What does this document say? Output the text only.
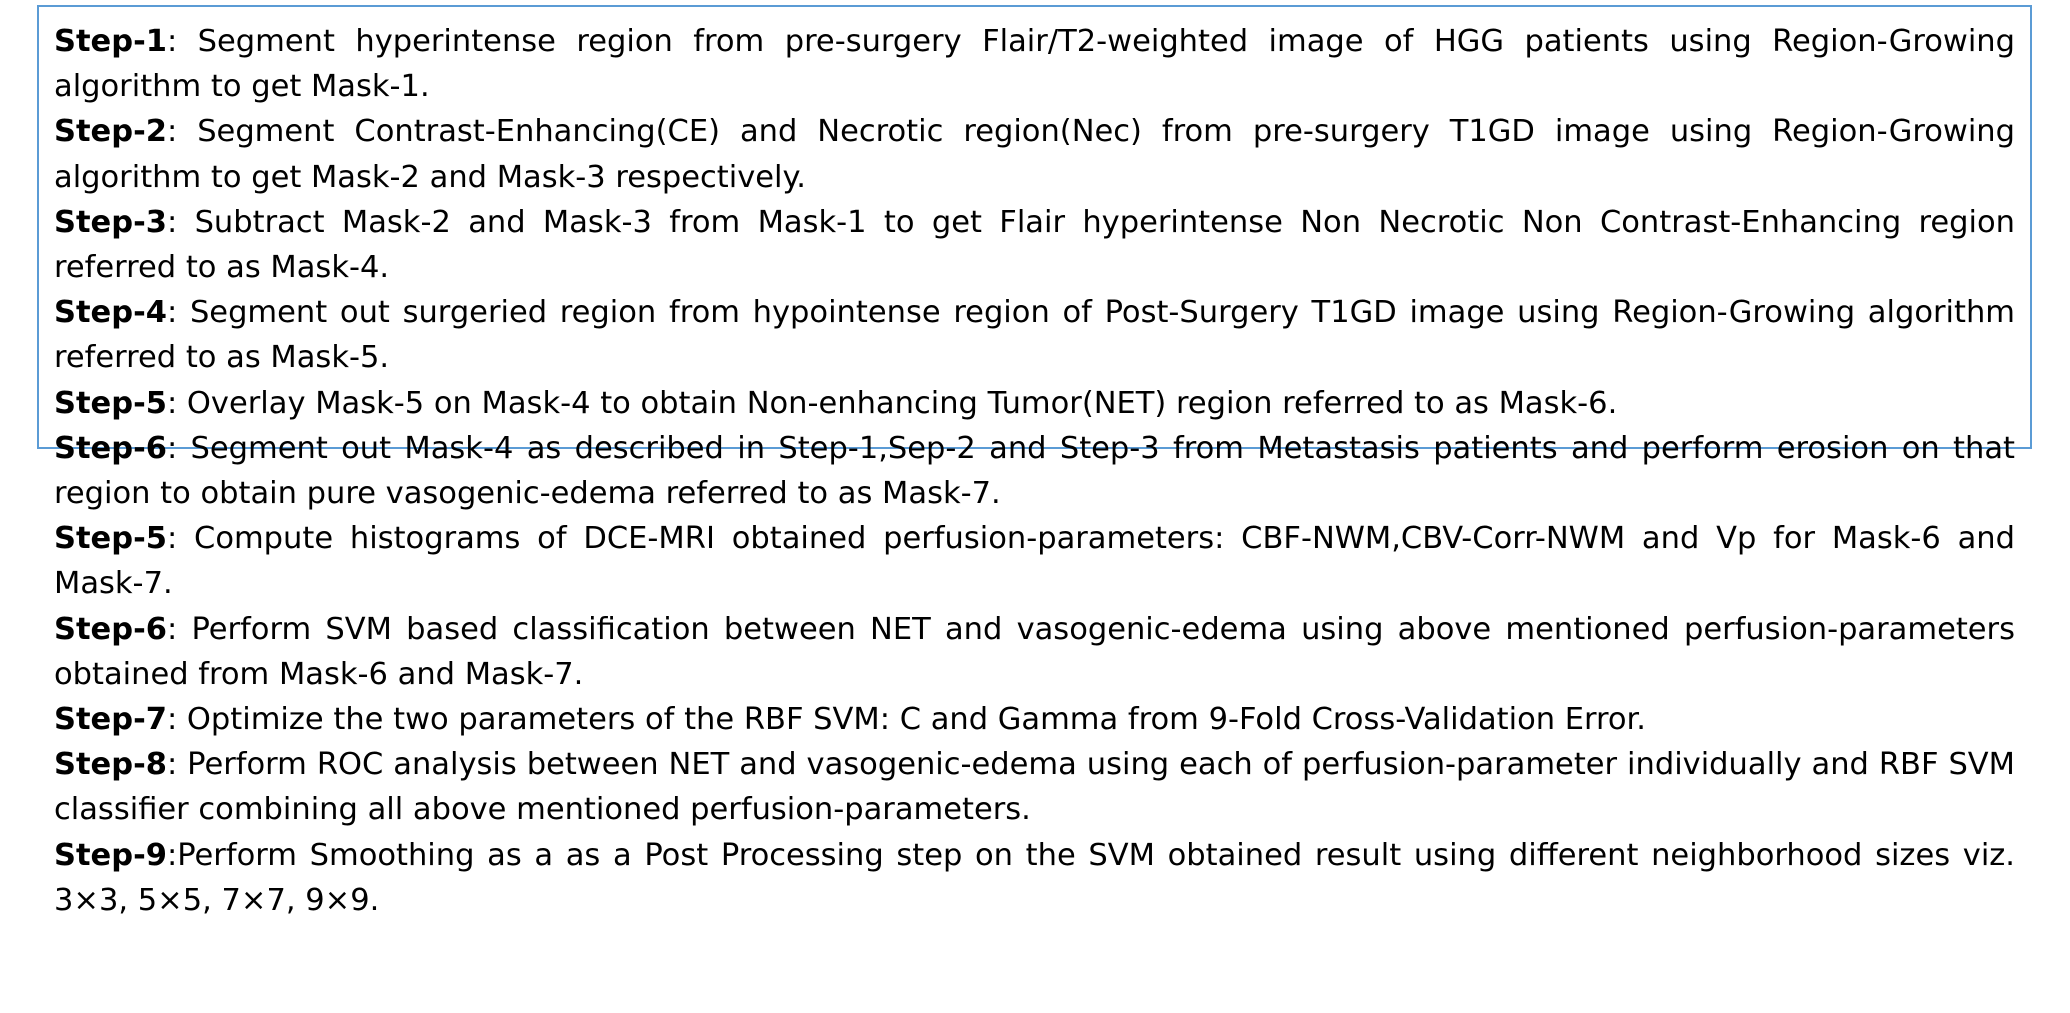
Step-1: Segment hyperintense region from pre-surgery Flair/T2-weighted image of HGG patients using Region-Growing algorithm to get Mask-1.

Step-2: Segment Contrast-Enhancing(CE) and Necrotic region(Nec) from pre-surgery T1GD image using Region-Growing algorithm to get Mask-2 and Mask-3 respectively.

Step-3: Subtract Mask-2 and Mask-3 from Mask-1 to get Flair hyperintense Non Necrotic Non Contrast-Enhancing region referred to as Mask-4.

Step-4: Segment out surgeried region from hypointense region of Post-Surgery T1GD image using Region-Growing algorithm referred to as Mask-5.

Step-5: Overlay Mask-5 on Mask-4 to obtain Non-enhancing Tumor(NET) region referred to as Mask-6.

Step-6: Segment out Mask-4 as described in Step-1,Sep-2 and Step-3 from Metastasis patients and perform erosion on that region to obtain pure vasogenic-edema referred to as Mask-7.

Step-5: Compute histograms of DCE-MRI obtained perfusion-parameters: CBF-NWM,CBV-Corr-NWM and Vp for Mask-6 and Mask-7.

Step-6: Perform SVM based classification between NET and vasogenic-edema using above mentioned perfusion-parameters obtained from Mask-6 and Mask-7.

Step-7: Optimize the two parameters of the RBF SVM: C and Gamma from 9-Fold Cross-Validation Error.

Step-8: Perform ROC analysis between NET and vasogenic-edema using each of perfusion-parameter individually and RBF SVM classifier combining all above mentioned perfusion-parameters.

Step-9:Perform Smoothing as a as a Post Processing step on the SVM obtained result using different neighborhood sizes viz. 3×3, 5×5, 7×7, 9×9.
